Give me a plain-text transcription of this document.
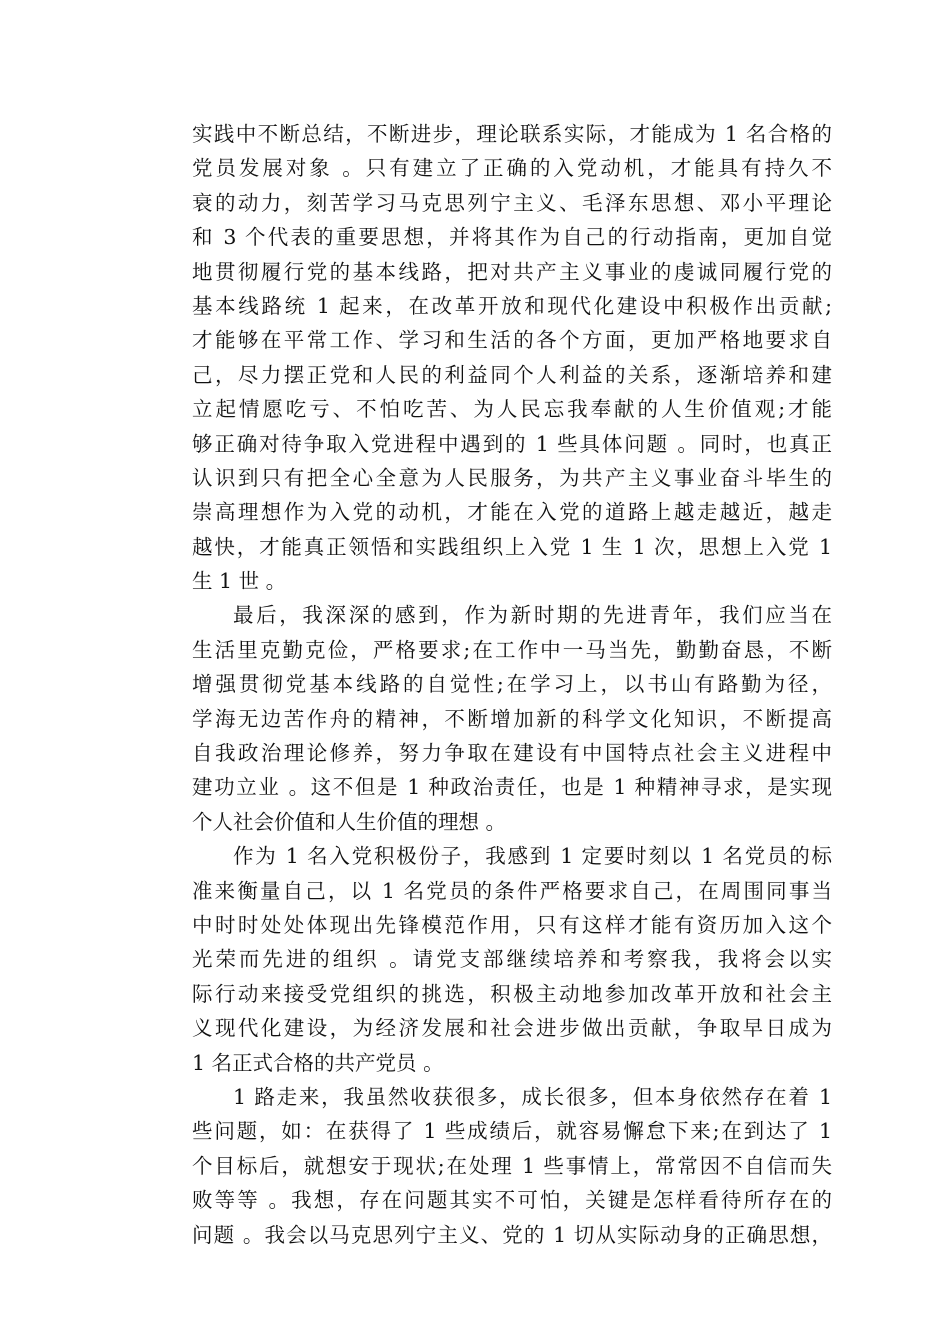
实践中不断总结，不断进步，理论联系实际，才能成为 1 名合格的
党员发展对象 。只有建立了正确的入党动机，才能具有持久不
衰的动力，刻苦学习马克思列宁主义、毛泽东思想、邓小平理论
和 3 个代表的重要思想，并将其作为自己的行动指南，更加自觉
地贯彻履行党的基本线路，把对共产主义事业的虔诚同履行党的
基本线路统 1 起来，在改革开放和现代化建设中积极作出贡献;
才能够在平常工作、学习和生活的各个方面，更加严格地要求自
己，尽力摆正党和人民的利益同个人利益的关系，逐渐培养和建
立起情愿吃亏、不怕吃苦、为人民忘我奉献的人生价值观;才能
够正确对待争取入党进程中遇到的 1 些具体问题 。同时，也真正
认识到只有把全心全意为人民服务，为共产主义事业奋斗毕生的
崇高理想作为入党的动机，才能在入党的道路上越走越近，越走
越快，才能真正领悟和实践组织上入党 1 生 1 次，思想上入党 1
生 1 世 。
最后，我深深的感到，作为新时期的先进青年，我们应当在
生活里克勤克俭，严格要求;在工作中一马当先，勤勤奋恳，不断
增强贯彻党基本线路的自觉性;在学习上，以书山有路勤为径，
学海无边苦作舟的精神，不断增加新的科学文化知识，不断提高
自我政治理论修养，努力争取在建设有中国特点社会主义进程中
建功立业 。这不但是 1 种政治责任，也是 1 种精神寻求，是实现
个人社会价值和人生价值的理想 。
作为 1 名入党积极份子，我感到 1 定要时刻以 1 名党员的标
准来衡量自己，以 1 名党员的条件严格要求自己，在周围同事当
中时时处处体现出先锋模范作用，只有这样才能有资历加入这个
光荣而先进的组织 。请党支部继续培养和考察我，我将会以实
际行动来接受党组织的挑选，积极主动地参加改革开放和社会主
义现代化建设，为经济发展和社会进步做出贡献，争取早日成为
1 名正式合格的共产党员 。
1 路走来，我虽然收获很多，成长很多，但本身依然存在着 1
些问题，如：在获得了 1 些成绩后，就容易懈怠下来;在到达了 1
个目标后，就想安于现状;在处理 1 些事情上，常常因不自信而失
败等等 。我想，存在问题其实不可怕，关键是怎样看待所存在的
问题 。我会以马克思列宁主义、党的 1 切从实际动身的正确思想，
